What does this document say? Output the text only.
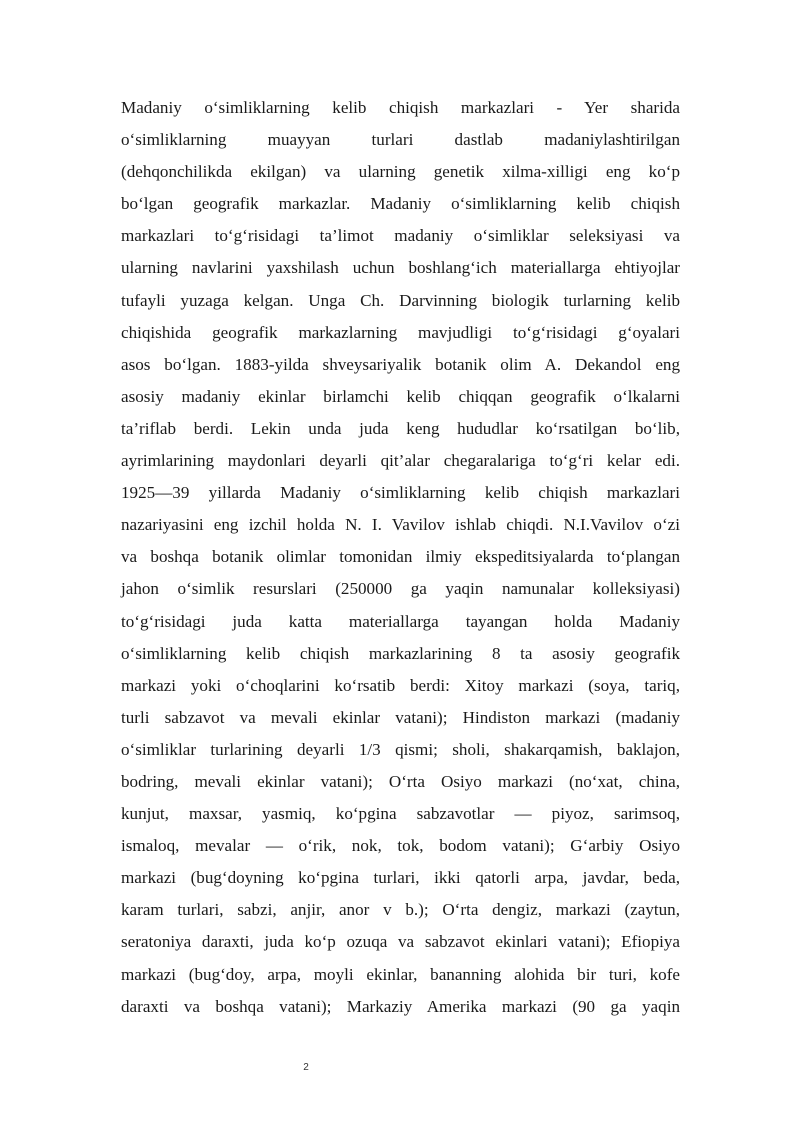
Madaniy o‘simliklarning kelib chiqish markazlari - Yer sharida
o‘simliklarning muayyan turlari dastlab madaniylashtirilgan
(dehqonchilikda ekilgan) va ularning genetik xilma-xilligi eng ko‘p
bo‘lgan geografik markazlar. Madaniy o‘simliklarning kelib chiqish
markazlari to‘g‘risidagi ta’limot madaniy o‘simliklar seleksiyasi va
ularning navlarini yaxshilash uchun boshlang‘ich materiallarga ehtiyojlar
tufayli yuzaga kelgan. Unga Ch. Darvinning biologik turlarning kelib
chiqishida geografik markazlarning mavjudligi to‘g‘risidagi g‘oyalari
asos bo‘lgan. 1883-yilda shveysariyalik botanik olim A. Dekandol eng
asosiy madaniy ekinlar birlamchi kelib chiqqan geografik o‘lkalarni
ta’riflab berdi. Lekin unda juda keng hududlar ko‘rsatilgan bo‘lib,
ayrimlarining maydonlari deyarli qit’alar chegaralariga to‘g‘ri kelar edi.
1925—39 yillarda Madaniy o‘simliklarning kelib chiqish markazlari
nazariyasini eng izchil holda N. I. Vavilov ishlab chiqdi. N.I.Vavilov o‘zi
va boshqa botanik olimlar tomonidan ilmiy ekspeditsiyalarda to‘plangan
jahon o‘simlik resurslari (250000 ga yaqin namunalar kolleksiyasi)
to‘g‘risidagi juda katta materiallarga tayangan holda Madaniy
o‘simliklarning kelib chiqish markazlarining 8 ta asosiy geografik
markazi yoki o‘choqlarini ko‘rsatib berdi: Xitoy markazi (soya, tariq,
turli sabzavot va mevali ekinlar vatani); Hindiston markazi (madaniy
o‘simliklar turlarining deyarli 1/3 qismi; sholi, shakarqamish, baklajon,
bodring, mevali ekinlar vatani); O‘rta Osiyo markazi (no‘xat, china,
kunjut, maxsar, yasmiq, ko‘pgina sabzavotlar — piyoz, sarimsoq,
ismaloq, mevalar — o‘rik, nok, tok, bodom vatani); G‘arbiy Osiyo
markazi (bug‘doyning ko‘pgina turlari, ikki qatorli arpa, javdar, beda,
karam turlari, sabzi, anjir, anor v b.); O‘rta dengiz, markazi (zaytun,
seratoniya daraxti, juda ko‘p ozuqa va sabzavot ekinlari vatani); Efiopiya
markazi (bug‘doy, arpa, moyli ekinlar, bananning alohida bir turi, kofe
daraxti va boshqa vatani); Markaziy Amerika markazi (90 ga yaqin
2
